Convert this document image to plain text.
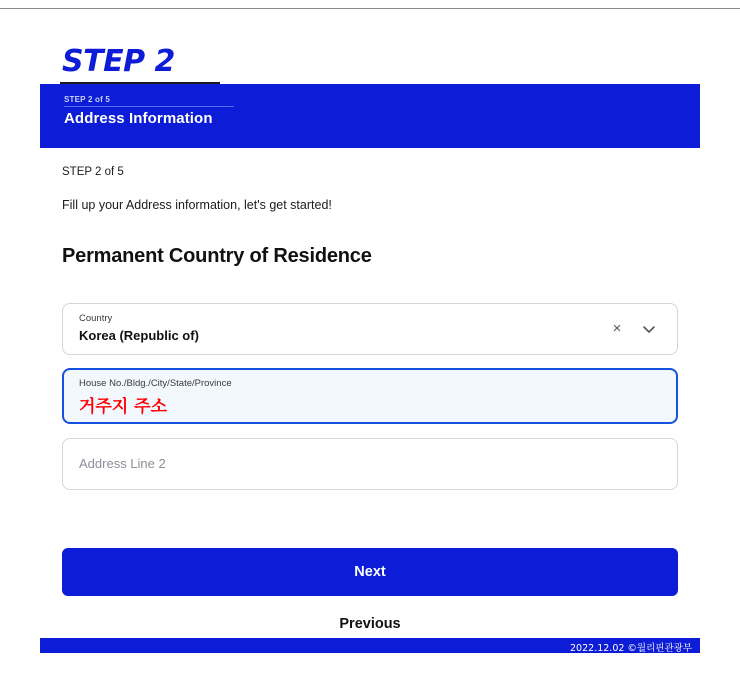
STEP 2
STEP 2 of 5
Address Information
STEP 2 of 5
Fill up your Address information, let's get started!
Permanent Country of Residence
Country
Korea (Republic of)	×
House No./Bldg./City/State/Province
거주지 주소
Address Line 2
Next
Previous
2022.12.02 ©월리핀관광부
